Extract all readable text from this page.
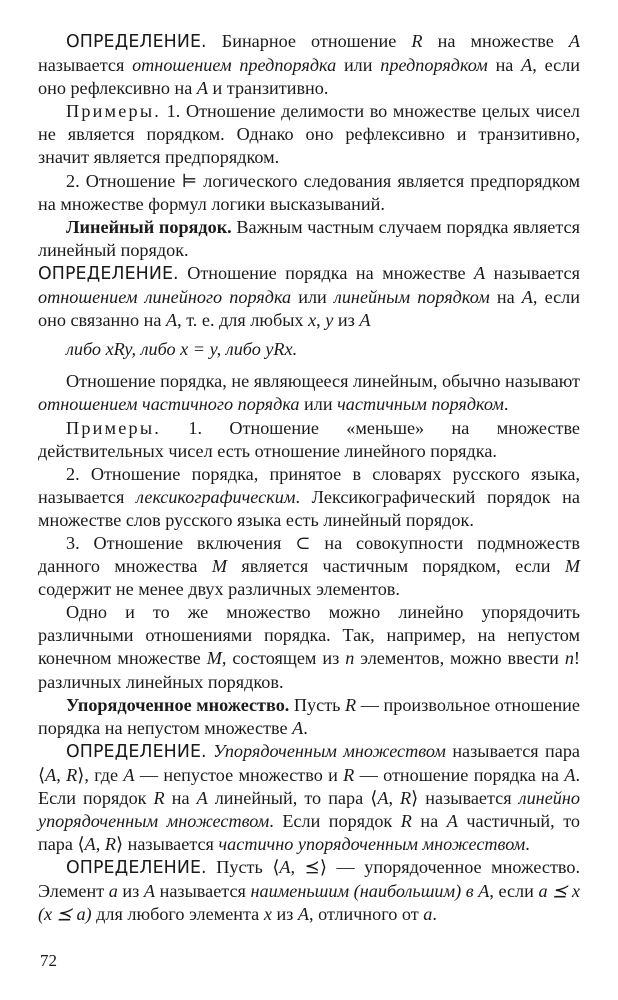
ОПРЕДЕЛЕНИЕ. Бинарное отношение R на множестве A называется отношением предпорядка или предпорядком на A, если оно рефлексивно на A и транзитивно.

Примеры. 1. Отношение делимости во множестве целых чисел не является порядком. Однако оно рефлексивно и транзитивно, значит является предпорядком.

2. Отношение ⊨ логического следования является предпорядком на множестве формул логики высказываний.

Линейный порядок. Важным частным случаем порядка является линейный порядок.

ОПРЕДЕЛЕНИЕ. Отношение порядка на множестве A называется отношением линейного порядка или линейным порядком на A, если оно связанно на A, т. е. для любых x, y из A

либо xRy, либо x = y, либо yRx.

Отношение порядка, не являющееся линейным, обычно называют отношением частичного порядка или частичным порядком.

Примеры. 1. Отношение «меньше» на множестве действительных чисел есть отношение линейного порядка.

2. Отношение порядка, принятое в словарях русского языка, называется лексикографическим. Лексикографический порядок на множестве слов русского языка есть линейный порядок.

3. Отношение включения ⊂ на совокупности подмножеств данного множества M является частичным порядком, если M содержит не менее двух различных элементов.

Одно и то же множество можно линейно упорядочить различными отношениями порядка. Так, например, на непустом конечном множестве M, состоящем из n элементов, можно ввести n! различных линейных порядков.

Упорядоченное множество. Пусть R — произвольное отношение порядка на непустом множестве A.

ОПРЕДЕЛЕНИЕ. Упорядоченным множеством называется пара ⟨A, R⟩, где A — непустое множество и R — отношение порядка на A. Если порядок R на A линейный, то пара ⟨A, R⟩ называется линейно упорядоченным множеством. Если порядок R на A частичный, то пара ⟨A, R⟩ называется частично упорядоченным множеством.

ОПРЕДЕЛЕНИЕ. Пусть ⟨A, ⪯⟩ — упорядоченное множество. Элемент a из A называется наименьшим (наибольшим) в A, если a ⪯ x (x ⪯ a) для любого элемента x из A, отличного от a.

72
